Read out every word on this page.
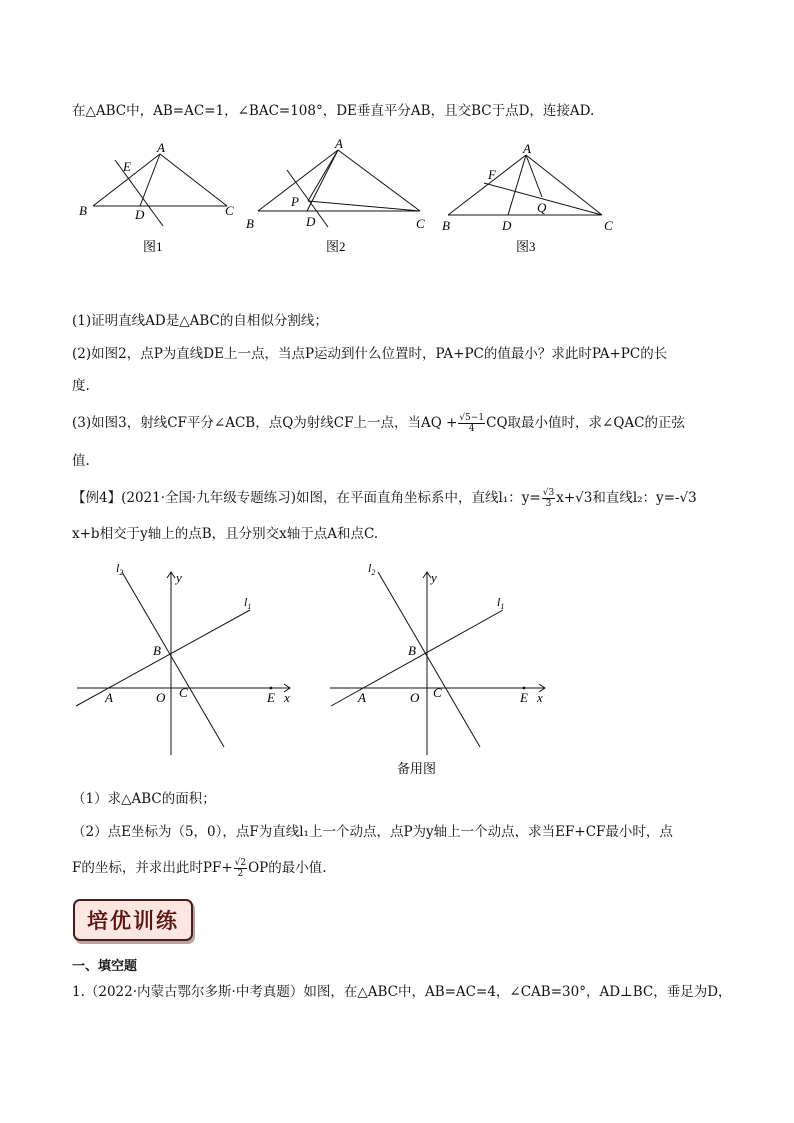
在△ABC中，AB=AC=1，∠BAC=108°，DE垂直平分AB，且交BC于点D，连接AD.
A
B	C
D
E
图1
A
B	C
D
P
图2
A
B	C
D
F
Q
图3
(1)证明直线AD是△ABC的自相似分割线；
(2)如图2，点P为直线DE上一点，当点P运动到什么位置时，PA+PC的值最小？求此时PA+PC的长
度.
(3)如图3，射线CF平分∠ACB，点Q为射线CF上一点，当AQ + $\frac{√5-1}{4}$ CQ取最小值时，求∠QAC的正弦
值.
【例4】(2021·全国·九年级专题练习)如图，在平面直角坐标系中，直线l₁：$y= \frac{√3}{3} x+√3$和直线l₂：y=-√3
x+b相交于y轴上的点B，且分别交x轴于点A和点C.
$l_2$	y
$l_1$
B
A	O C	E x
$l_2$	y
$l_1$
B
A	O C	E x
备用图
（1）求△ABC的面积；
（2）点E坐标为（5，0），点F为直线l₁上一个动点，点P为y轴上一个动点，求当EF+CF最小时，点
F的坐标，并求出此时$PF+ \frac{√2}{2}$ OP的最小值.
培优训练
一、填空题
1.（2022·内蒙古鄂尔多斯·中考真题）如图，在△ABC中，AB=AC=4，∠CAB=30°，AD⊥BC，垂足为D，
